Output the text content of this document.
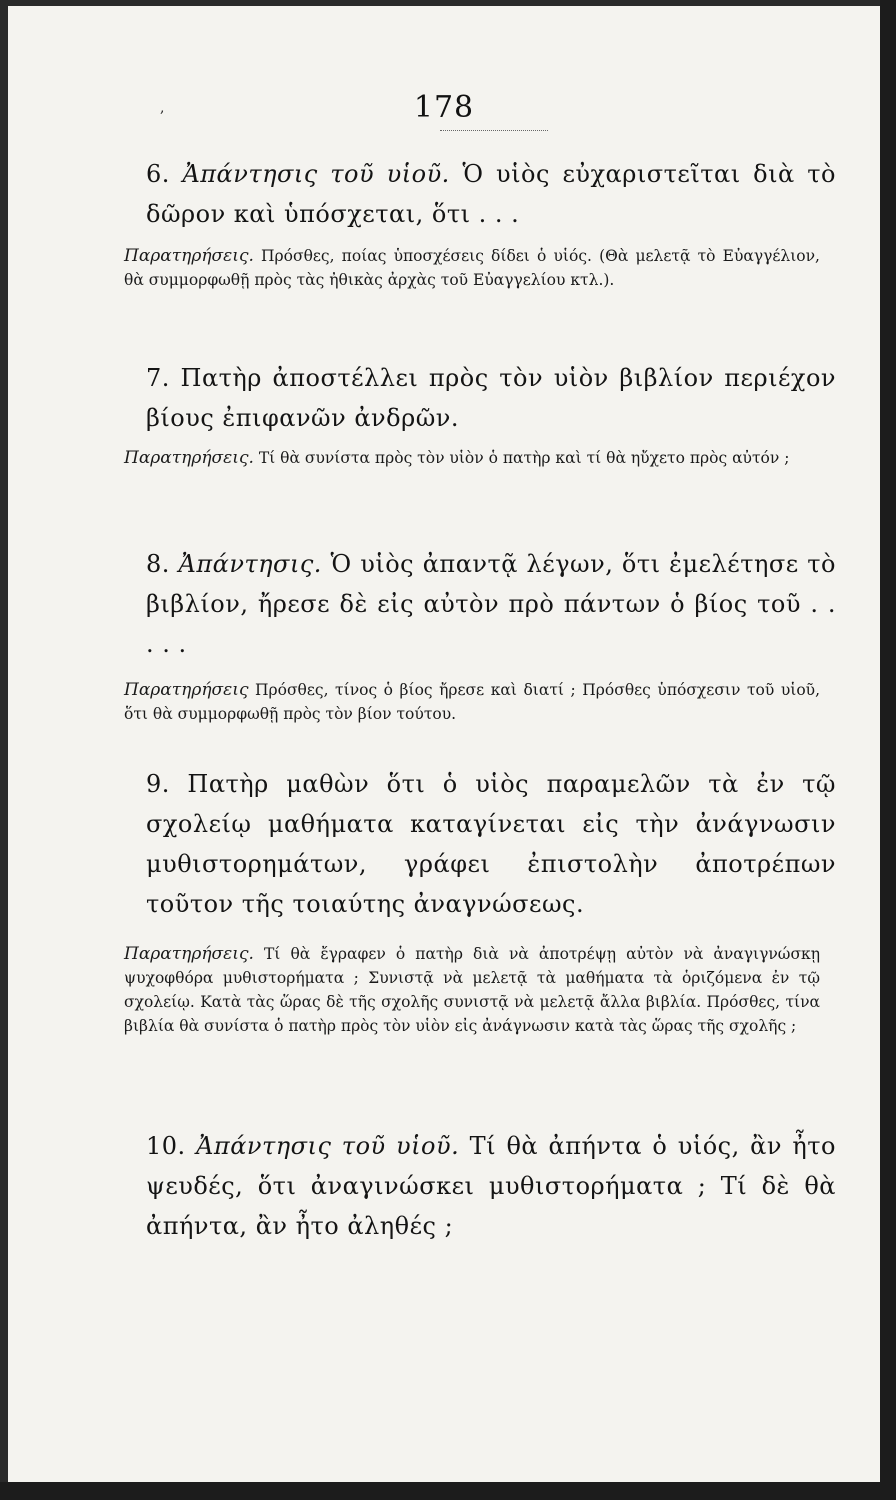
,	178

6. Ἀπάντησις τοῦ υἱοῦ. Ὁ υἱὸς εὐχαριστεῖται διὰ τὸ δῶρον καὶ ὑπόσχεται, ὅτι . . .

Παρατηρήσεις. Πρόσθες, ποίας ὑποσχέσεις δίδει ὁ υἱός. (Θὰ μελετᾷ τὸ Εὐαγγέλιον, θὰ συμμορφωθῇ πρὸς τὰς ἠθικὰς ἀρχὰς τοῦ Εὐαγγελίου κτλ.).

7. Πατὴρ ἀποστέλλει πρὸς τὸν υἱὸν βιβλίον περιέχον βίους ἐπιφανῶν ἀνδρῶν.

Παρατηρήσεις. Τί θὰ συνίστα πρὸς τὸν υἱὸν ὁ πατὴρ καὶ τί θὰ ηὔχετο πρὸς αὐτόν ;

8. Ἀπάντησις. Ὁ υἱὸς ἀπαντᾷ λέγων, ὅτι ἐμελέτησε τὸ βιβλίον, ἤρεσε δὲ εἰς αὐτὸν πρὸ πάντων ὁ βίος τοῦ . . . . .

Παρατηρήσεις Πρόσθες, τίνος ὁ βίος ἤρεσε καὶ διατί ; Πρόσθες ὑπόσχεσιν τοῦ υἱοῦ, ὅτι θὰ συμμορφωθῇ πρὸς τὸν βίον τούτου.

9. Πατὴρ μαθὼν ὅτι ὁ υἱὸς παραμελῶν τὰ ἐν τῷ σχολείῳ μαθήματα καταγίνεται εἰς τὴν ἀνάγνωσιν μυθιστορημάτων, γράφει ἐπιστολὴν ἀποτρέπων τοῦτον τῆς τοιαύτης ἀναγνώσεως.

Παρατηρήσεις. Τί θὰ ἔγραφεν ὁ πατὴρ διὰ νὰ ἀποτρέψῃ αὐτὸν νὰ ἀναγιγνώσκῃ ψυχοφθόρα μυθιστορήματα ; Συνιστᾷ νὰ μελετᾷ τὰ μαθήματα τὰ ὁριζόμενα ἐν τῷ σχολείῳ. Κατὰ τὰς ὥρας δὲ τῆς σχολῆς συνιστᾷ νὰ μελετᾷ ἄλλα βιβλία. Πρόσθες, τίνα βιβλία θὰ συνίστα ὁ πατὴρ πρὸς τὸν υἱὸν εἰς ἀνάγνωσιν κατὰ τὰς ὥρας τῆς σχολῆς ;

10. Ἀπάντησις τοῦ υἱοῦ. Τί θὰ ἀπήντα ὁ υἱός, ἂν ἦτο ψευδές, ὅτι ἀναγινώσκει μυθιστορήματα ; Τί δὲ θὰ ἀπήντα, ἂν ἦτο ἀληθές ;
